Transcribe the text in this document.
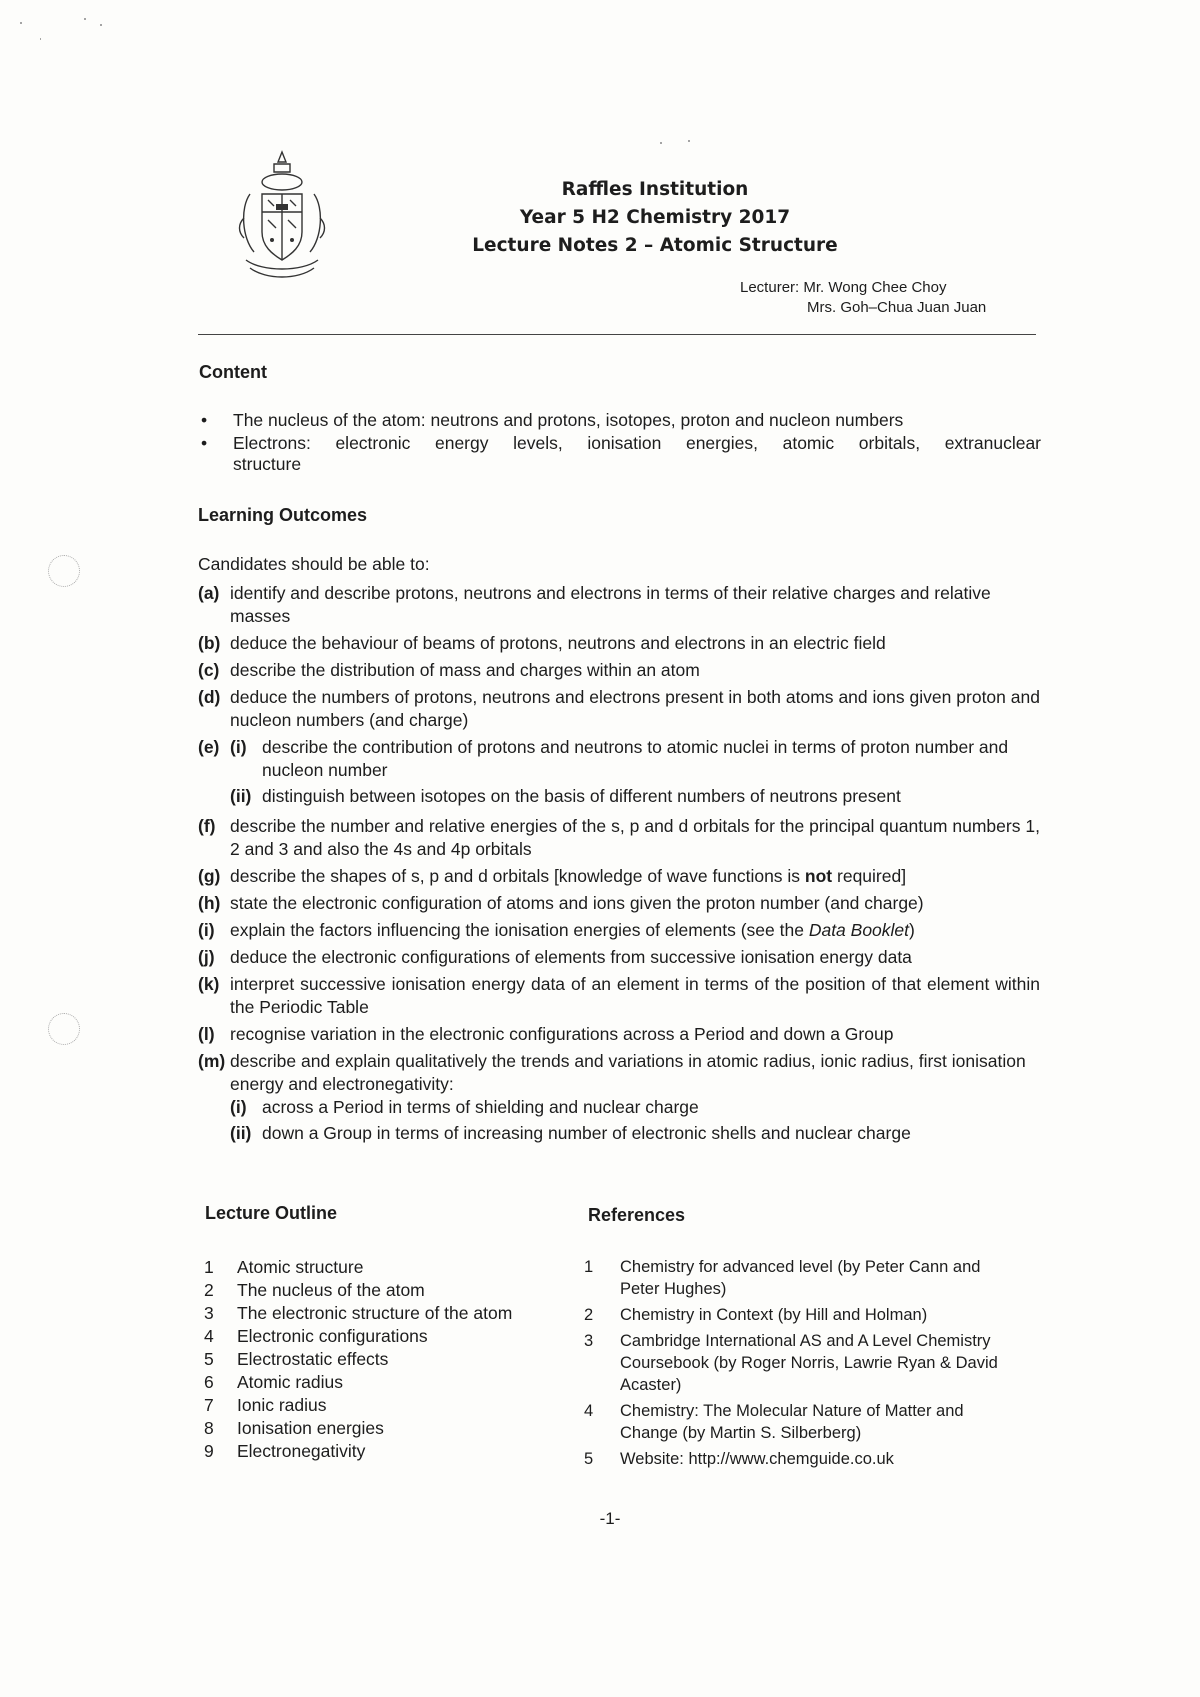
Raffles Institution
Year 5 H2 Chemistry 2017
Lecture Notes 2 – Atomic Structure
Lecturer: Mr. Wong Chee Choy
Mrs. Goh–Chua Juan Juan
Content
• The nucleus of the atom: neutrons and protons, isotopes, proton and nucleon numbers
• Electrons: electronic energy levels, ionisation energies, atomic orbitals, extranuclear
structure
Learning Outcomes
Candidates should be able to:
(a) identify and describe protons, neutrons and electrons in terms of their relative charges and relative masses
(b) deduce the behaviour of beams of protons, neutrons and electrons in an electric field
(c) describe the distribution of mass and charges within an atom
(d) deduce the numbers of protons, neutrons and electrons present in both atoms and ions given proton and nucleon numbers (and charge)
(e) (i) describe the contribution of protons and neutrons to atomic nuclei in terms of proton number and nucleon number
(ii) distinguish between isotopes on the basis of different numbers of neutrons present
(f) describe the number and relative energies of the s, p and d orbitals for the principal quantum numbers 1, 2 and 3 and also the 4s and 4p orbitals
(g) describe the shapes of s, p and d orbitals [knowledge of wave functions is not required]
(h) state the electronic configuration of atoms and ions given the proton number (and charge)
(i) explain the factors influencing the ionisation energies of elements (see the Data Booklet)
(j) deduce the electronic configurations of elements from successive ionisation energy data
(k) interpret successive ionisation energy data of an element in terms of the position of that element within the Periodic Table
(l) recognise variation in the electronic configurations across a Period and down a Group
(m) describe and explain qualitatively the trends and variations in atomic radius, ionic radius, first ionisation energy and electronegativity:
(i) across a Period in terms of shielding and nuclear charge
(ii) down a Group in terms of increasing number of electronic shells and nuclear charge
Lecture Outline
1	Atomic structure
2	The nucleus of the atom
3	The electronic structure of the atom
4	Electronic configurations
5	Electrostatic effects
6	Atomic radius
7	Ionic radius
8	Ionisation energies
9	Electronegativity
References
1	Chemistry for advanced level (by Peter Cann and Peter Hughes)
2	Chemistry in Context (by Hill and Holman)
3	Cambridge International AS and A Level Chemistry Coursebook (by Roger Norris, Lawrie Ryan & David Acaster)
4	Chemistry: The Molecular Nature of Matter and Change (by Martin S. Silberberg)
5	Website: http://www.chemguide.co.uk
-1-
